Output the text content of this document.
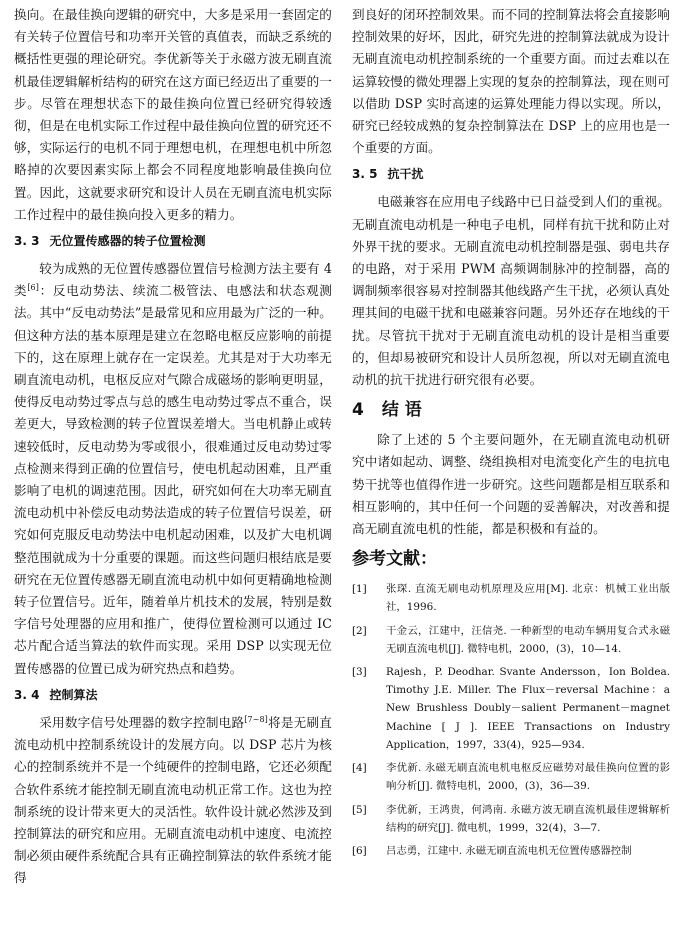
换向。在最佳换向逻辑的研究中，大多是采用一套固定的有关转子位置信号和功率开关管的真值表，而缺乏系统的概括性更强的理论研究。李优新等关于永磁方波无刷直流机最佳逻辑解析结构的研究在这方面已经迈出了重要的一步。尽管在理想状态下的最佳换向位置已经研究得较透彻，但是在电机实际工作过程中最佳换向位置的研究还不够，实际运行的电机不同于理想电机，在理想电机中所忽略掉的次要因素实际上都会不同程度地影响最佳换向位置。因此，这就要求研究和设计人员在无刷直流电机实际工作过程中的最佳换向投入更多的精力。

3. 3 无位置传感器的转子位置检测

较为成熟的无位置传感器位置信号检测方法主要有 4 类[6]：反电动势法、续流二极管法、电感法和状态观测法。其中“反电动势法”是最常见和应用最为广泛的一种。但这种方法的基本原理是建立在忽略电枢反应影响的前提下的，这在原理上就存在一定误差。尤其是对于大功率无刷直流电动机，电枢反应对气隙合成磁场的影响更明显，使得反电动势过零点与总的感生电动势过零点不重合，误差更大，导致检测的转子位置误差增大。当电机静止或转速较低时，反电动势为零或很小，很难通过反电动势过零点检测来得到正确的位置信号，使电机起动困难，且严重影响了电机的调速范围。因此，研究如何在大功率无刷直流电动机中补偿反电动势法造成的转子位置信号误差，研究如何克服反电动势法中电机起动困难，以及扩大电机调整范围就成为十分重要的课题。而这些问题归根结底是要研究在无位置传感器无刷直流电动机中如何更精确地检测转子位置信号。近年，随着单片机技术的发展，特别是数字信号处理器的应用和推广，使得位置检测可以通过 IC 芯片配合适当算法的软件而实现。采用 DSP 以实现无位置传感器的位置已成为研究热点和趋势。

3. 4 控制算法

采用数字信号处理器的数字控制电路[7~8]将是无刷直流电动机中控制系统设计的发展方向。以 DSP 芯片为核心的控制系统并不是一个纯硬件的控制电路，它还必须配合软件系统才能控制无刷直流电动机正常工作。这也为控制系统的设计带来更大的灵活性。软件设计就必然涉及到控制算法的研究和应用。无刷直流电动机中速度、电流控制必须由硬件系统配合具有正确控制算法的软件系统才能得

到良好的闭环控制效果。而不同的控制算法将会直接影响控制效果的好坏，因此，研究先进的控制算法就成为设计无刷直流电动机控制系统的一个重要方面。而过去难以在运算较慢的微处理器上实现的复杂的控制算法，现在则可以借助 DSP 实时高速的运算处理能力得以实现。所以，研究已经较成熟的复杂控制算法在 DSP 上的应用也是一个重要的方面。

3. 5 抗干扰

电磁兼容在应用电子线路中已日益受到人们的重视。无刷直流电动机是一种电子电机，同样有抗干扰和防止对外界干扰的要求。无刷直流电动机控制器是强、弱电共存的电路，对于采用 PWM 高频调制脉冲的控制器，高的调制频率很容易对控制器其他线路产生干扰，必须认真处理其间的电磁干扰和电磁兼容问题。另外还存在地线的干扰。尽管抗干扰对于无刷直流电动机的设计是相当重要的，但却易被研究和设计人员所忽视，所以对无刷直流电动机的抗干扰进行研究很有必要。

4 结 语

除了上述的 5 个主要问题外，在无刷直流电动机研究中诸如起动、调整、绕组换相对电流变化产生的电抗电势干扰等也值得作进一步研究。这些问题都是相互联系和相互影响的，其中任何一个问题的妥善解决，对改善和提高无刷直流电机的性能，都是积极和有益的。

参考文献：
[1]	张琛. 直流无刷电动机原理及应用[M]. 北京：机械工业出版社，1996.
[2]	干金云，江建中，汪信尧. 一种新型的电动车辆用复合式永磁无刷直流电机[J]. 微特电机，2000，(3)，10—14.
[3]	Rajesh，P. Deodhar. Svante Andersson，Ion Boldea. Timothy J.E. Miller. The Flux－reversal Machine：a New Brushless Doubly－salient Permanent－magnet Machine [ J ]. IEEE Transactions on Industry Application，1997，33(4)，925—934.
[4]	李优新. 永磁无刷直流电机电枢反应磁势对最佳换向位置的影响分析[J]. 微特电机，2000，(3)，36—39.
[5]	李优新，王鸿贵，何鸿南. 永磁方波无刷直流机最佳逻辑解析结构的研究[J]. 微电机，1999，32(4)，3—7.
[6]	吕志勇，江建中. 永磁无刷直流电机无位置传感器控制
